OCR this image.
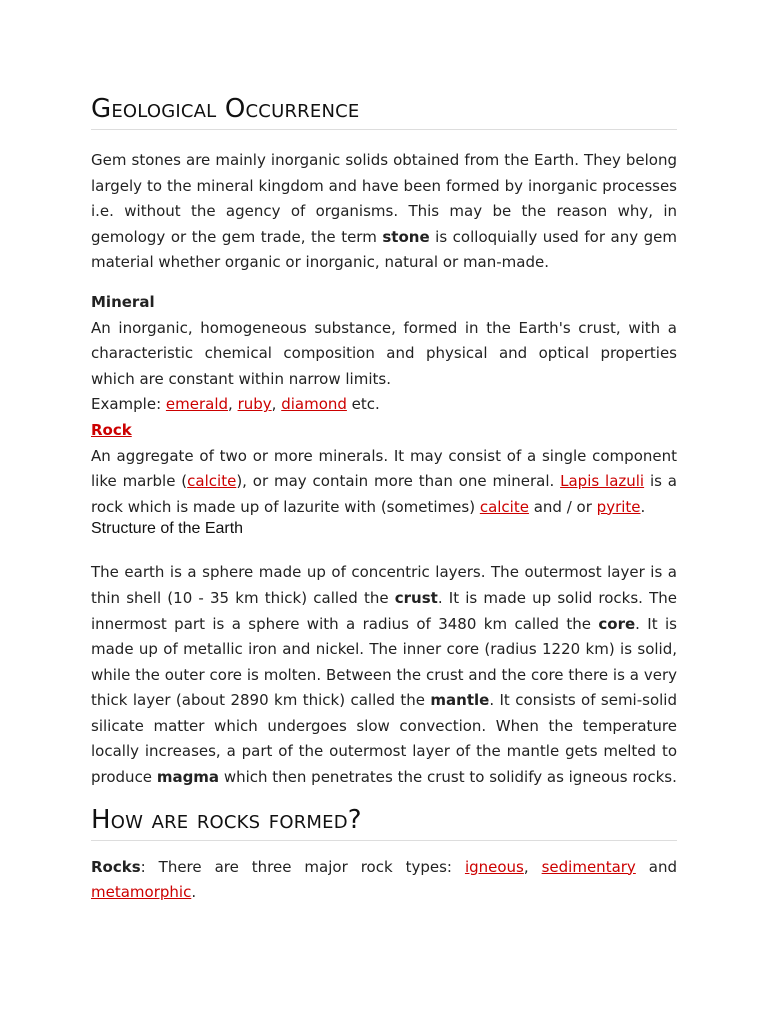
Geological Occurrence

Gem stones are mainly inorganic solids obtained from the Earth. They belong largely to the mineral kingdom and have been formed by inorganic processes i.e. without the agency of organisms. This may be the reason why, in gemology or the gem trade, the term stone is colloquially used for any gem material whether organic or inorganic, natural or man-made.

Mineral

An inorganic, homogeneous substance, formed in the Earth's crust, with a characteristic chemical composition and physical and optical properties which are constant within narrow limits.

Example: emerald, ruby, diamond etc.

Rock

An aggregate of two or more minerals. It may consist of a single component like marble (calcite), or may contain more than one mineral. Lapis lazuli is a rock which is made up of lazurite with (sometimes) calcite and / or pyrite.

Structure of the Earth

The earth is a sphere made up of concentric layers. The outermost layer is a thin shell (10 - 35 km thick) called the crust. It is made up solid rocks. The innermost part is a sphere with a radius of 3480 km called the core. It is made up of metallic iron and nickel. The inner core (radius 1220 km) is solid, while the outer core is molten. Between the crust and the core there is a very thick layer (about 2890 km thick) called the mantle. It consists of semi-solid silicate matter which undergoes slow convection. When the temperature locally increases, a part of the outermost layer of the mantle gets melted to produce magma which then penetrates the crust to solidify as igneous rocks.

How are rocks formed?

Rocks: There are three major rock types: igneous, sedimentary and metamorphic.
